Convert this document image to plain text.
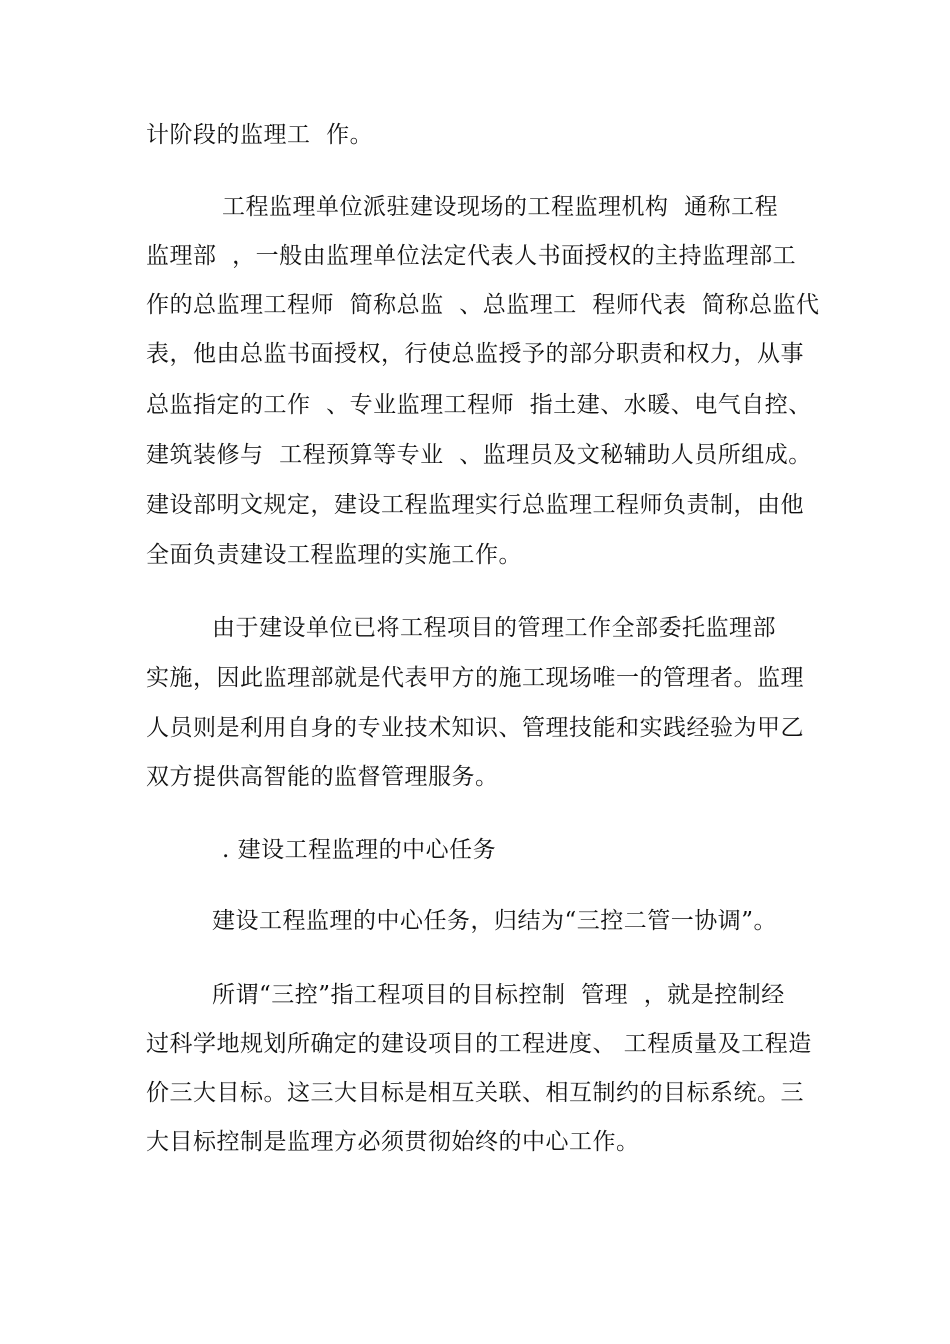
计阶段的监理工  作。
工程监理单位派驻建设现场的工程监理机构  通称工程
监理部  ，一般由监理单位法定代表人书面授权的主持监理部工
作的总监理工程师  简称总监  、总监理工  程师代表  简称总监代
表，他由总监书面授权，行使总监授予的部分职责和权力，从事
总监指定的工作  、专业监理工程师  指土建、水暖、电气自控、
建筑装修与  工程预算等专业  、监理员及文秘辅助人员所组成。
建设部明文规定，建设工程监理实行总监理工程师负责制，由他
全面负责建设工程监理的实施工作。
由于建设单位已将工程项目的管理工作全部委托监理部
实施，因此监理部就是代表甲方的施工现场唯一的管理者。监理
人员则是利用自身的专业技术知识、管理技能和实践经验为甲乙
双方提供高智能的监督管理服务。
. 建设工程监理的中心任务
建设工程监理的中心任务，归结为“三控二管一协调”。
所谓“三控”指工程项目的目标控制  管理  ，就是控制经
过科学地规划所确定的建设项目的工程进度、 工程质量及工程造
价三大目标。这三大目标是相互关联、相互制约的目标系统。三
大目标控制是监理方必须贯彻始终的中心工作。
